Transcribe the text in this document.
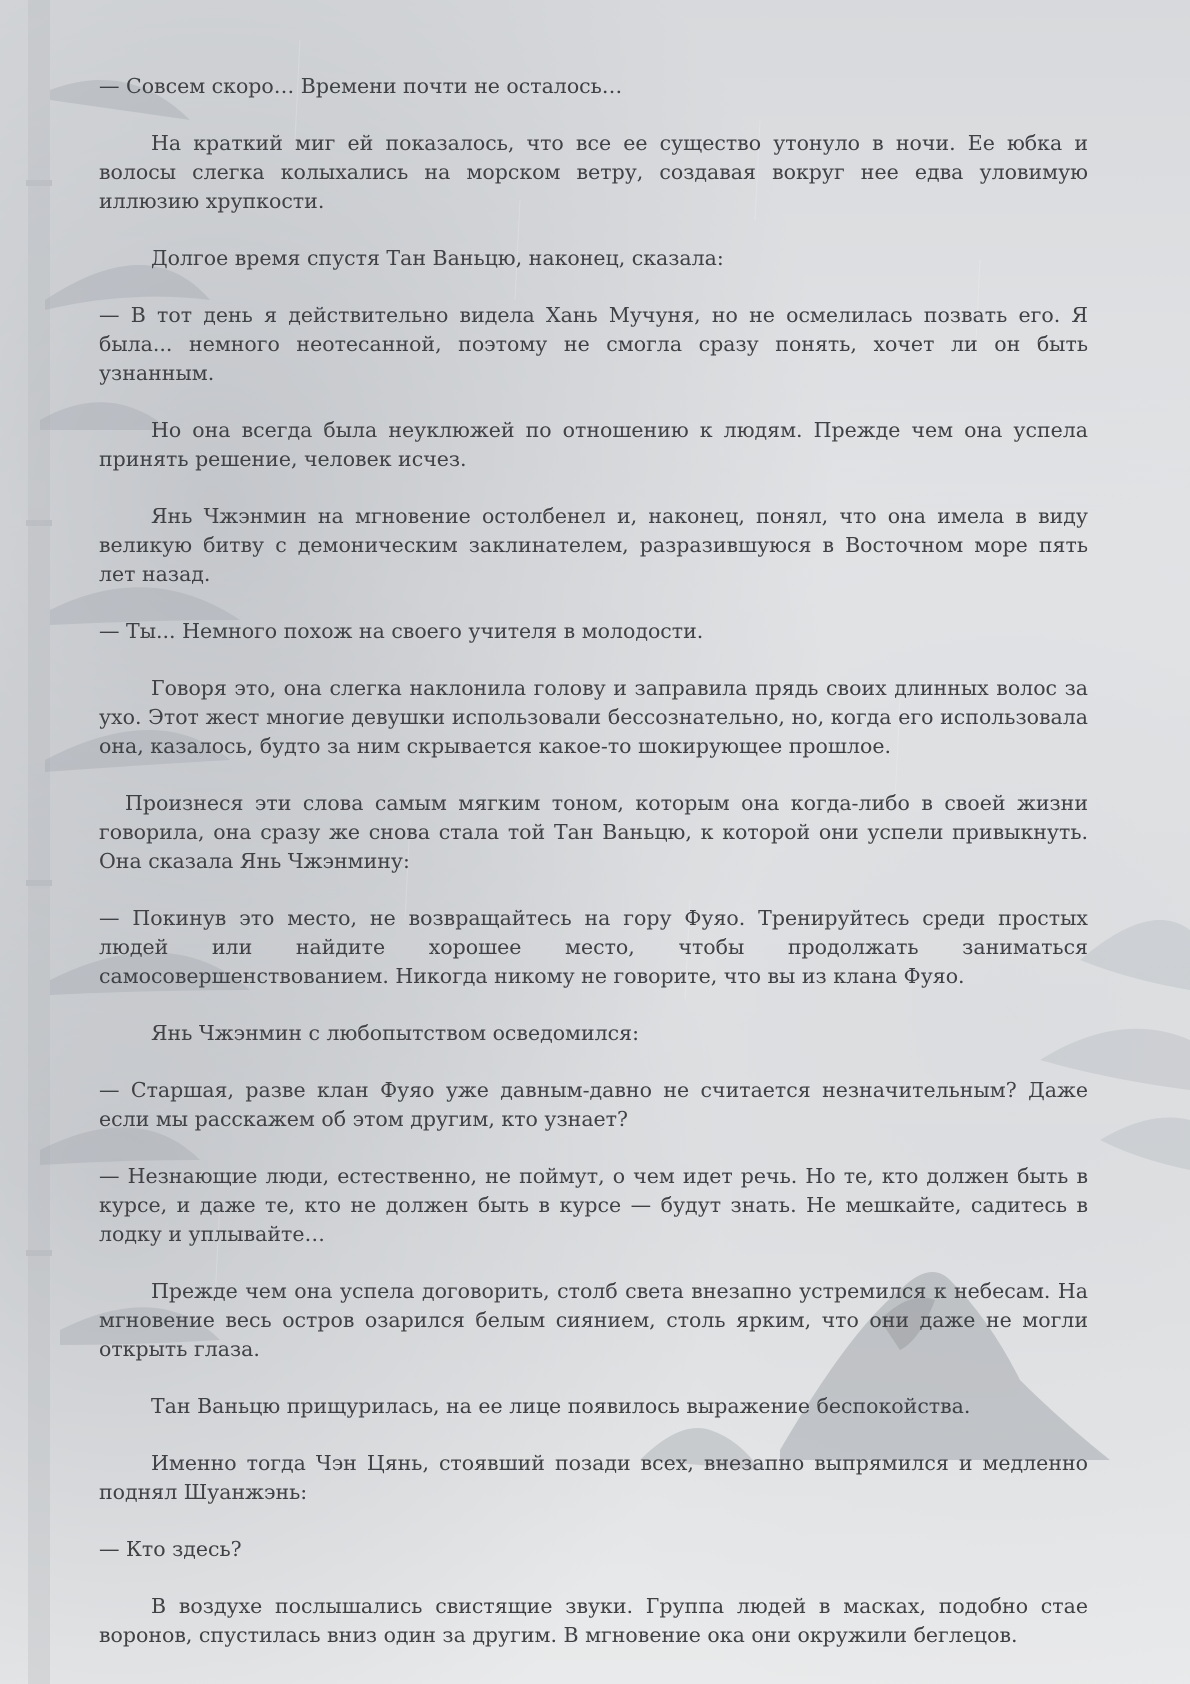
— Совсем скоро… Времени почти не осталось…

На краткий миг ей показалось, что все ее существо утонуло в ночи. Ее юбка и волосы слегка колыхались на морском ветру, создавая вокруг нее едва уловимую иллюзию хрупкости.

Долгое время спустя Тан Ваньцю, наконец, сказала:

— В тот день я действительно видела Хань Мучуня, но не осмелилась позвать его. Я была... немного неотесанной, поэтому не смогла сразу понять, хочет ли он быть узнанным.

Но она всегда была неуклюжей по отношению к людям. Прежде чем она успела принять решение, человек исчез.

Янь Чжэнмин на мгновение остолбенел и, наконец, понял, что она имела в виду великую битву с демоническим заклинателем, разразившуюся в Восточном море пять лет назад.

— Ты... Немного похож на своего учителя в молодости.

Говоря это, она слегка наклонила голову и заправила прядь своих длинных волос за ухо. Этот жест многие девушки использовали бессознательно, но, когда его использовала она, казалось, будто за ним скрывается какое-то шокирующее прошлое.

Произнеся эти слова самым мягким тоном, которым она когда-либо в своей жизни говорила, она сразу же снова стала той Тан Ваньцю, к которой они успели привыкнуть. Она сказала Янь Чжэнмину:

— Покинув это место, не возвращайтесь на гору Фуяо. Тренируйтесь среди простых людей или найдите хорошее место, чтобы продолжать заниматься самосовершенствованием. Никогда никому не говорите, что вы из клана Фуяо.

Янь Чжэнмин с любопытством осведомился:

— Старшая, разве клан Фуяо уже давным-давно не считается незначительным? Даже если мы расскажем об этом другим, кто узнает?

— Незнающие люди, естественно, не поймут, о чем идет речь. Но те, кто должен быть в курсе, и даже те, кто не должен быть в курсе — будут знать. Не мешкайте, садитесь в лодку и уплывайте…

Прежде чем она успела договорить, столб света внезапно устремился к небесам. На мгновение весь остров озарился белым сиянием, столь ярким, что они даже не могли открыть глаза.

Тан Ваньцю прищурилась, на ее лице появилось выражение беспокойства.

Именно тогда Чэн Цянь, стоявший позади всех, внезапно выпрямился и медленно поднял Шуанжэнь:

— Кто здесь?

В воздухе послышались свистящие звуки. Группа людей в масках, подобно стае воронов, спустилась вниз один за другим. В мгновение ока они окружили беглецов.
